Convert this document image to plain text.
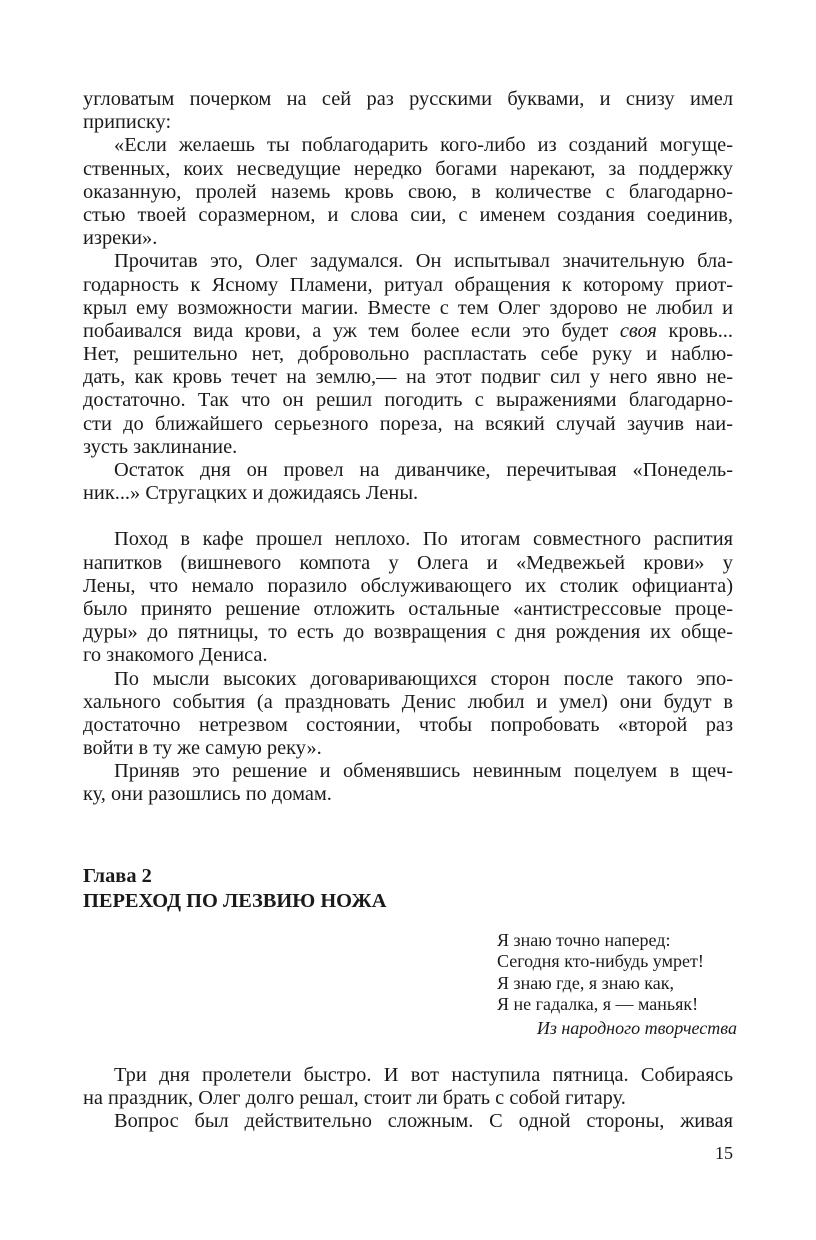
угловатым почерком на сей раз русскими буквами, и снизу имел
приписку:
«Если желаешь ты поблагодарить кого-либо из созданий могуще-
ственных, коих несведущие нередко богами нарекают, за поддержку
оказанную, пролей наземь кровь свою, в количестве с благодарно-
стью твоей соразмерном, и слова сии, с именем создания соединив,
изреки».
Прочитав это, Олег задумался. Он испытывал значительную бла-
годарность к Ясному Пламени, ритуал обращения к которому приот-
крыл ему возможности магии. Вместе с тем Олег здорово не любил и
побаивался вида крови, а уж тем более если это будет своя кровь...
Нет, решительно нет, добровольно распластать себе руку и наблю-
дать, как кровь течет на землю,— на этот подвиг сил у него явно не-
достаточно. Так что он решил погодить с выражениями благодарно-
сти до ближайшего серьезного пореза, на всякий случай заучив наи-
зусть заклинание.
Остаток дня он провел на диванчике, перечитывая «Понедель-
ник...» Стругацких и дожидаясь Лены.
Поход в кафе прошел неплохо. По итогам совместного распития
напитков (вишневого компота у Олега и «Медвежьей крови» у
Лены, что немало поразило обслуживающего их столик официанта)
было принято решение отложить остальные «антистрессовые проце-
дуры» до пятницы, то есть до возвращения с дня рождения их обще-
го знакомого Дениса.
По мысли высоких договаривающихся сторон после такого эпо-
хального события (а праздновать Денис любил и умел) они будут в
достаточно нетрезвом состоянии, чтобы попробовать «второй раз
войти в ту же самую реку».
Приняв это решение и обменявшись невинным поцелуем в щеч-
ку, они разошлись по домам.
Глава 2
ПЕРЕХОД ПО ЛЕЗВИЮ НОЖА
Я знаю точно наперед:
Сегодня кто-нибудь умрет!
Я знаю где, я знаю как,
Я не гадалка, я — маньяк!
Из народного творчества
Три дня пролетели быстро. И вот наступила пятница. Собираясь
на праздник, Олег долго решал, стоит ли брать с собой гитару.
Вопрос был действительно сложным. С одной стороны, живая
15
